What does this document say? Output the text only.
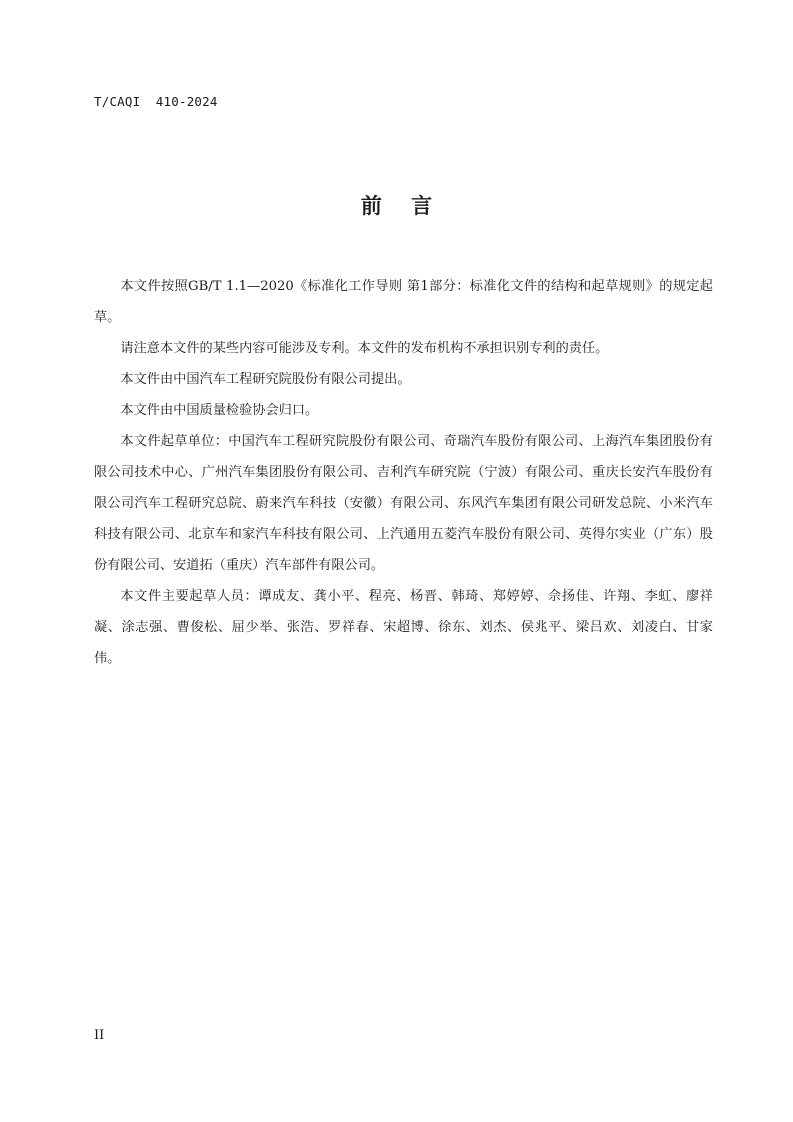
T/CAQI  410-2024
前    言

本文件按照GB/T 1.1—2020《标准化工作导则 第1部分：标准化文件的结构和起草规则》的规定起草。

请注意本文件的某些内容可能涉及专利。本文件的发布机构不承担识别专利的责任。

本文件由中国汽车工程研究院股份有限公司提出。

本文件由中国质量检验协会归口。

本文件起草单位：中国汽车工程研究院股份有限公司、奇瑞汽车股份有限公司、上海汽车集团股份有限公司技术中心、广州汽车集团股份有限公司、吉利汽车研究院（宁波）有限公司、重庆长安汽车股份有限公司汽车工程研究总院、蔚来汽车科技（安徽）有限公司、东风汽车集团有限公司研发总院、小米汽车科技有限公司、北京车和家汽车科技有限公司、上汽通用五菱汽车股份有限公司、英得尔实业（广东）股份有限公司、安道拓（重庆）汽车部件有限公司。

本文件主要起草人员：谭成友、龚小平、程亮、杨晋、韩琦、郑婷婷、佘扬佳、许翔、李虹、廖祥凝、涂志强、曹俊松、屈少举、张浩、罗祥春、宋超博、徐东、刘杰、侯兆平、梁吕欢、刘凌白、甘家伟。

II
